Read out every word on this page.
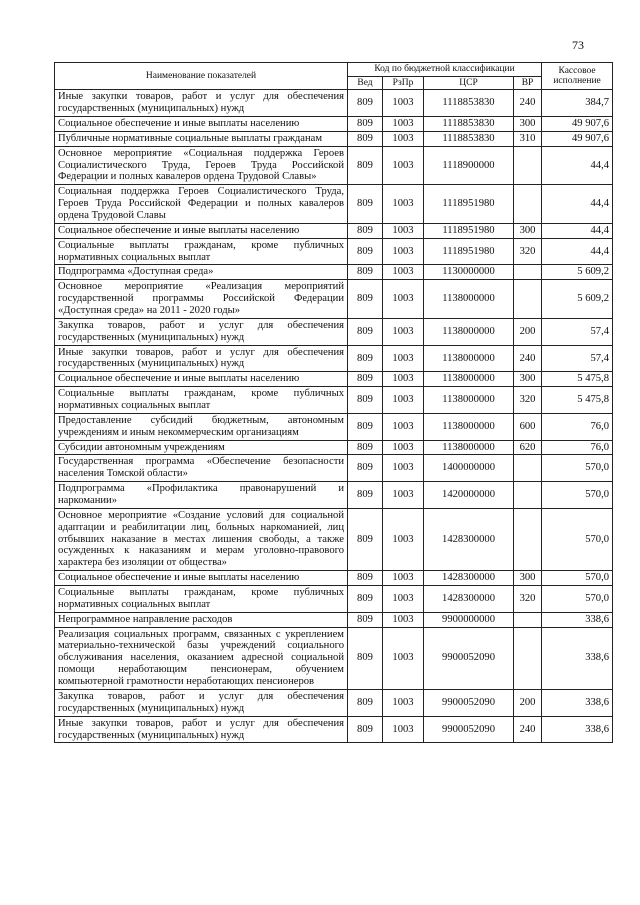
73
Наименование показателей	Код по бюджетной классификации				Кассовое исполнение
	Вед	РзПр	ЦСР	ВР	
Иные закупки товаров, работ и услуг для обеспечения государственных (муниципальных) нужд	809	1003	1118853830	240	384,7
Социальное обеспечение и иные выплаты населению	809	1003	1118853830	300	49 907,6
Публичные нормативные социальные выплаты гражданам	809	1003	1118853830	310	49 907,6
Основное мероприятие «Социальная поддержка Героев Социалистического Труда, Героев Труда Российской Федерации и полных кавалеров ордена Трудовой Славы»	809	1003	1118900000		44,4
Социальная поддержка Героев Социалистического Труда, Героев Труда Российской Федерации и полных кавалеров ордена Трудовой Славы	809	1003	1118951980		44,4
Социальное обеспечение и иные выплаты населению	809	1003	1118951980	300	44,4
Социальные выплаты гражданам, кроме публичных нормативных социальных выплат	809	1003	1118951980	320	44,4
Подпрограмма «Доступная среда»	809	1003	1130000000		5 609,2
Основное мероприятие «Реализация мероприятий государственной программы Российской Федерации «Доступная среда» на 2011 - 2020 годы»	809	1003	1138000000		5 609,2
Закупка товаров, работ и услуг для обеспечения государственных (муниципальных) нужд	809	1003	1138000000	200	57,4
Иные закупки товаров, работ и услуг для обеспечения государственных (муниципальных) нужд	809	1003	1138000000	240	57,4
Социальное обеспечение и иные выплаты населению	809	1003	1138000000	300	5 475,8
Социальные выплаты гражданам, кроме публичных нормативных социальных выплат	809	1003	1138000000	320	5 475,8
Предоставление субсидий бюджетным, автономным учреждениям и иным некоммерческим организациям	809	1003	1138000000	600	76,0
Субсидии автономным учреждениям	809	1003	1138000000	620	76,0
Государственная программа «Обеспечение безопасности населения Томской области»	809	1003	1400000000		570,0
Подпрограмма «Профилактика правонарушений и наркомании»	809	1003	1420000000		570,0
Основное мероприятие «Создание условий для социальной адаптации и реабилитации лиц, больных наркоманией, лиц отбывших наказание в местах лишения свободы, а также осужденных к наказаниям и мерам уголовно-правового характера без изоляции от общества»	809	1003	1428300000		570,0
Социальное обеспечение и иные выплаты населению	809	1003	1428300000	300	570,0
Социальные выплаты гражданам, кроме публичных нормативных социальных выплат	809	1003	1428300000	320	570,0
Непрограммное направление расходов	809	1003	9900000000		338,6
Реализация социальных программ, связанных с укреплением материально-технической базы учреждений социального обслуживания населения, оказанием адресной социальной помощи неработающим пенсионерам, обучением компьютерной грамотности неработающих пенсионеров	809	1003	9900052090		338,6
Закупка товаров, работ и услуг для обеспечения государственных (муниципальных) нужд	809	1003	9900052090	200	338,6
Иные закупки товаров, работ и услуг для обеспечения государственных (муниципальных) нужд	809	1003	9900052090	240	338,6
